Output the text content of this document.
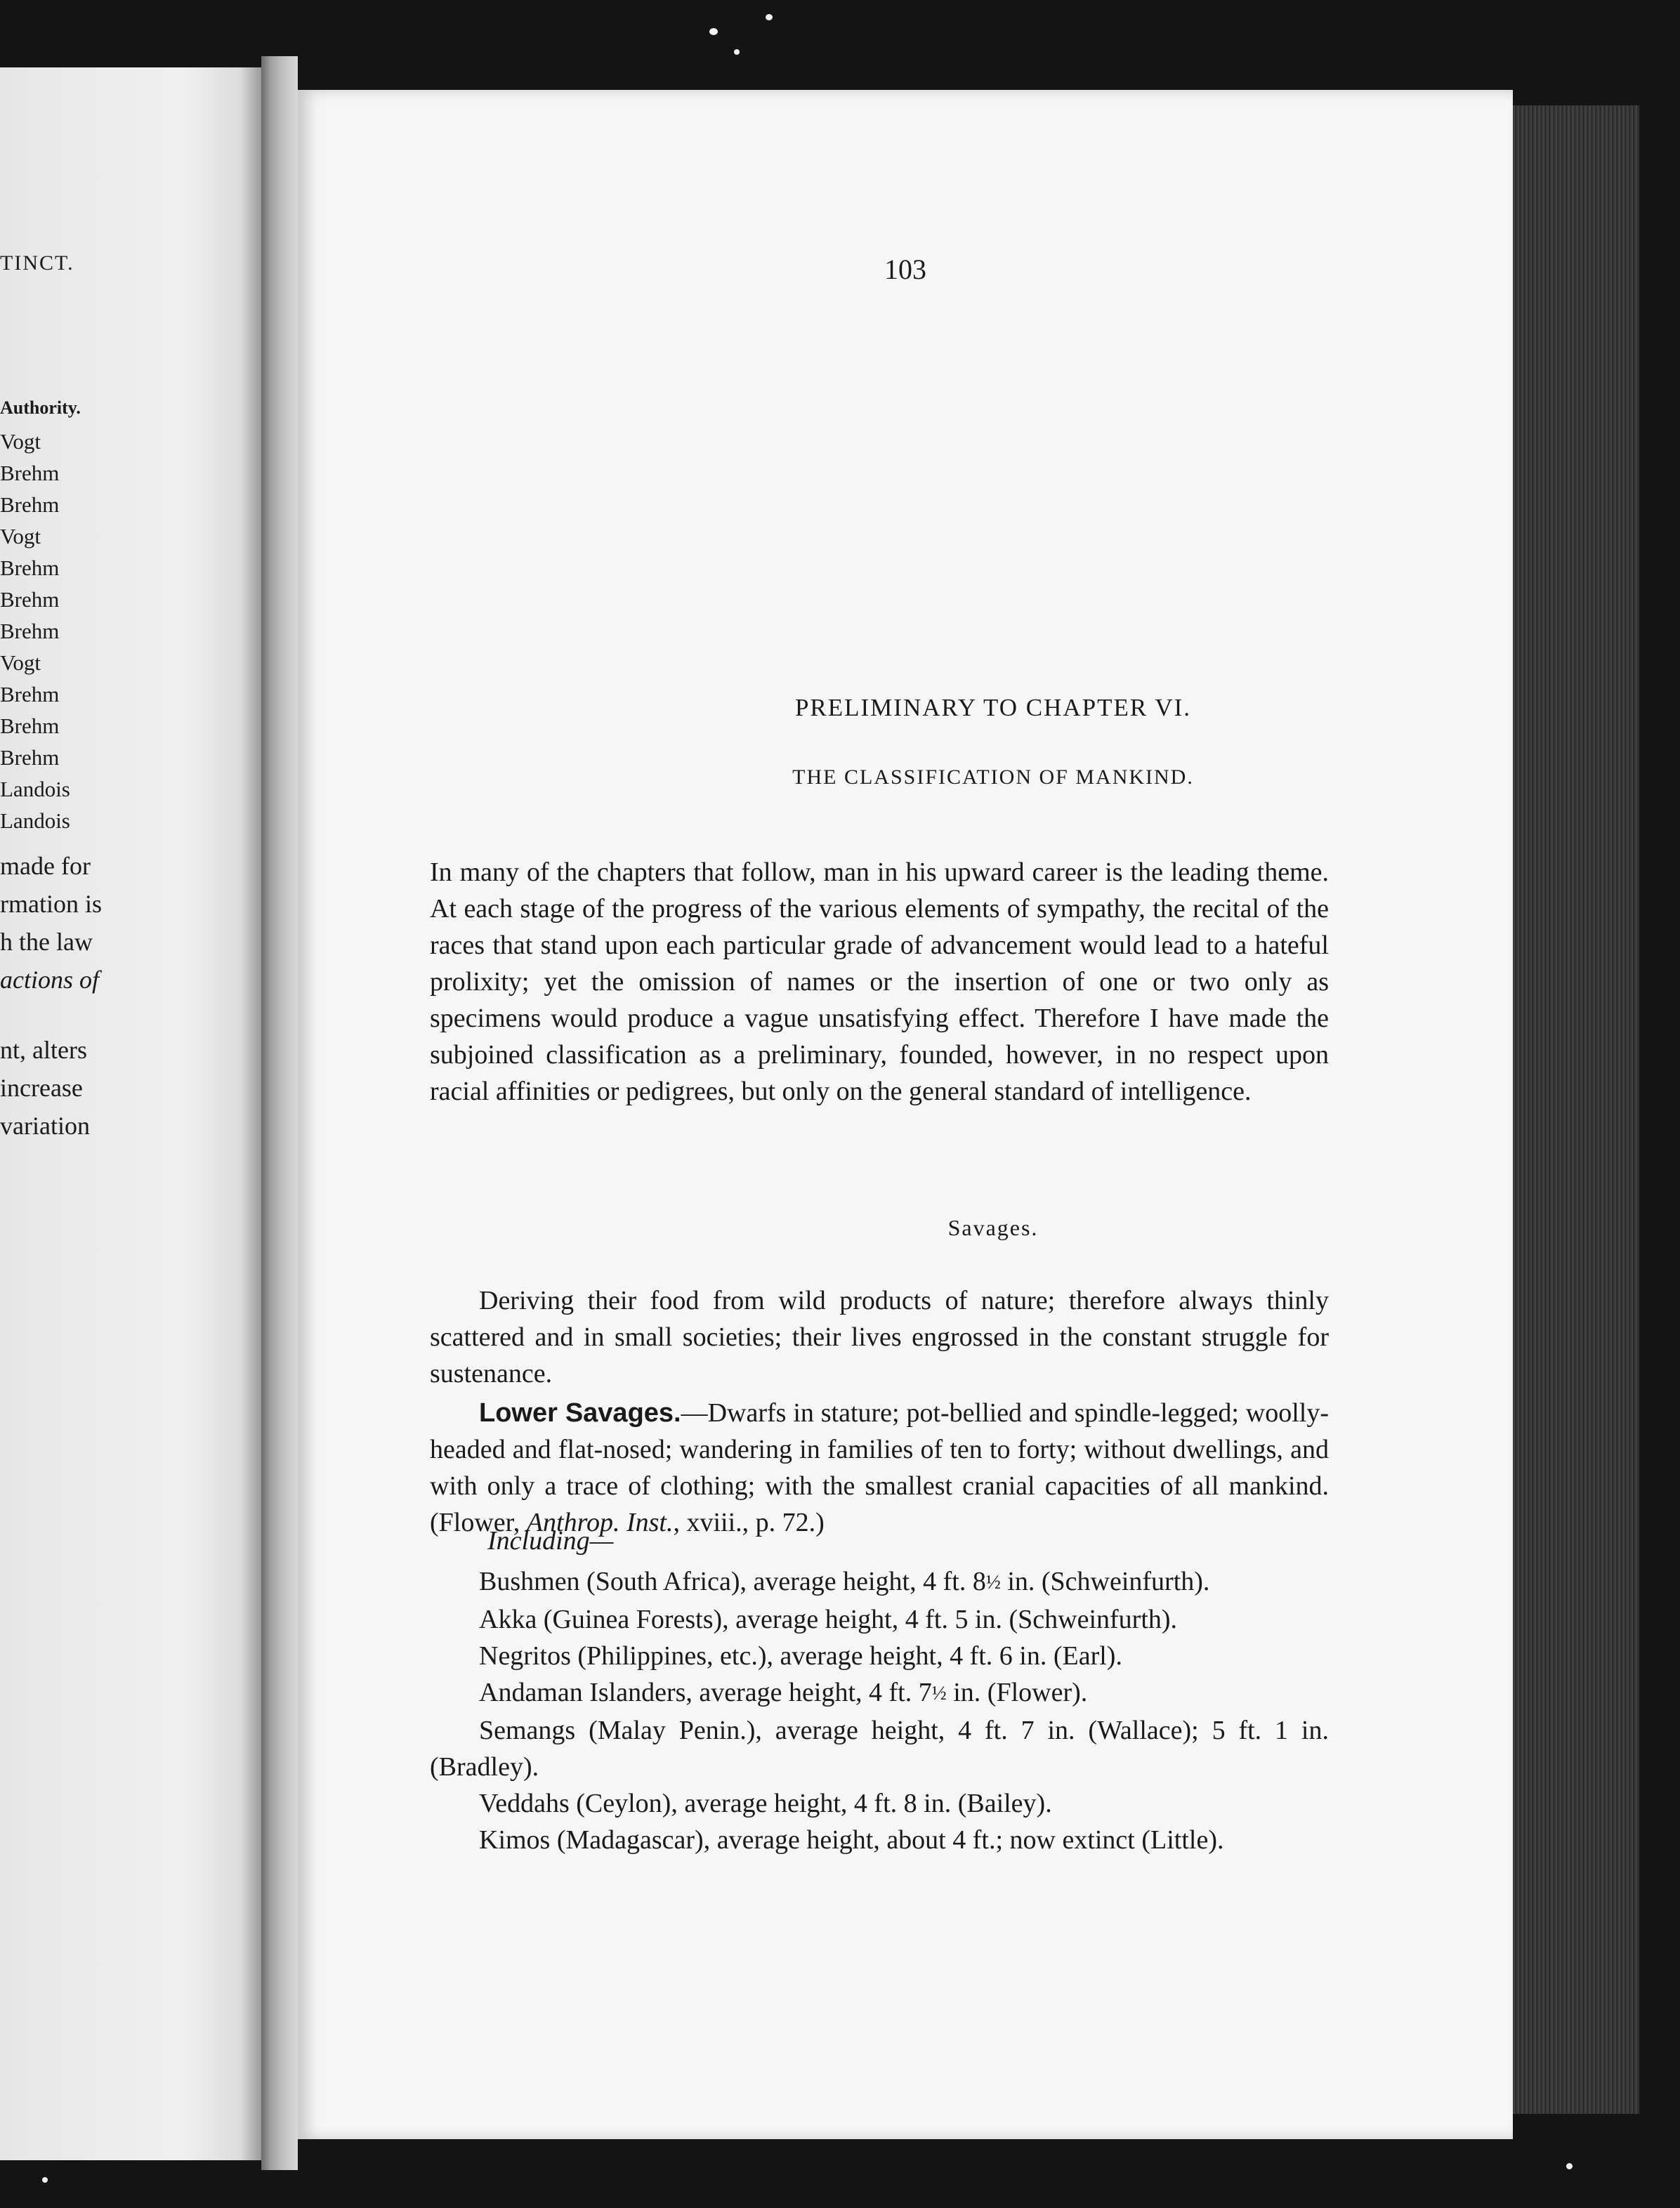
TINCT.
Authority.
Vogt
Brehm
Brehm
Vogt
Brehm
Brehm
Brehm
Vogt
Brehm
Brehm
Brehm
Landois
Landois
made for
rmation is
h the law
actions of
nt, alters
increase
variation
103
PRELIMINARY TO CHAPTER VI.
THE CLASSIFICATION OF MANKIND.

In many of the chapters that follow, man in his upward career is the leading theme. At each stage of the progress of the various elements of sympathy, the recital of the races that stand upon each particular grade of advancement would lead to a hateful prolixity; yet the omission of names or the insertion of one or two only as specimens would produce a vague unsatisfying effect. Therefore I have made the subjoined classification as a preliminary, founded, however, in no respect upon racial affinities or pedigrees, but only on the general standard of intelligence.

Savages.

Deriving their food from wild products of nature; therefore always thinly scattered and in small societies; their lives engrossed in the constant struggle for sustenance.

Lower Savages.—Dwarfs in stature; pot-bellied and spindle-legged; woolly-headed and flat-nosed; wandering in families of ten to forty; without dwellings, and with only a trace of clothing; with the smallest cranial capacities of all mankind. (Flower, Anthrop. Inst., xviii., p. 72.)

Including—
Bushmen (South Africa), average height, 4 ft. 8½ in. (Schweinfurth).
Akka (Guinea Forests), average height, 4 ft. 5 in. (Schweinfurth).
Negritos (Philippines, etc.), average height, 4 ft. 6 in. (Earl).
Andaman Islanders, average height, 4 ft. 7½ in. (Flower).
Semangs (Malay Penin.), average height, 4 ft. 7 in. (Wallace); 5 ft. 1 in. (Bradley).
Veddahs (Ceylon), average height, 4 ft. 8 in. (Bailey).
Kimos (Madagascar), average height, about 4 ft.; now extinct (Little).
